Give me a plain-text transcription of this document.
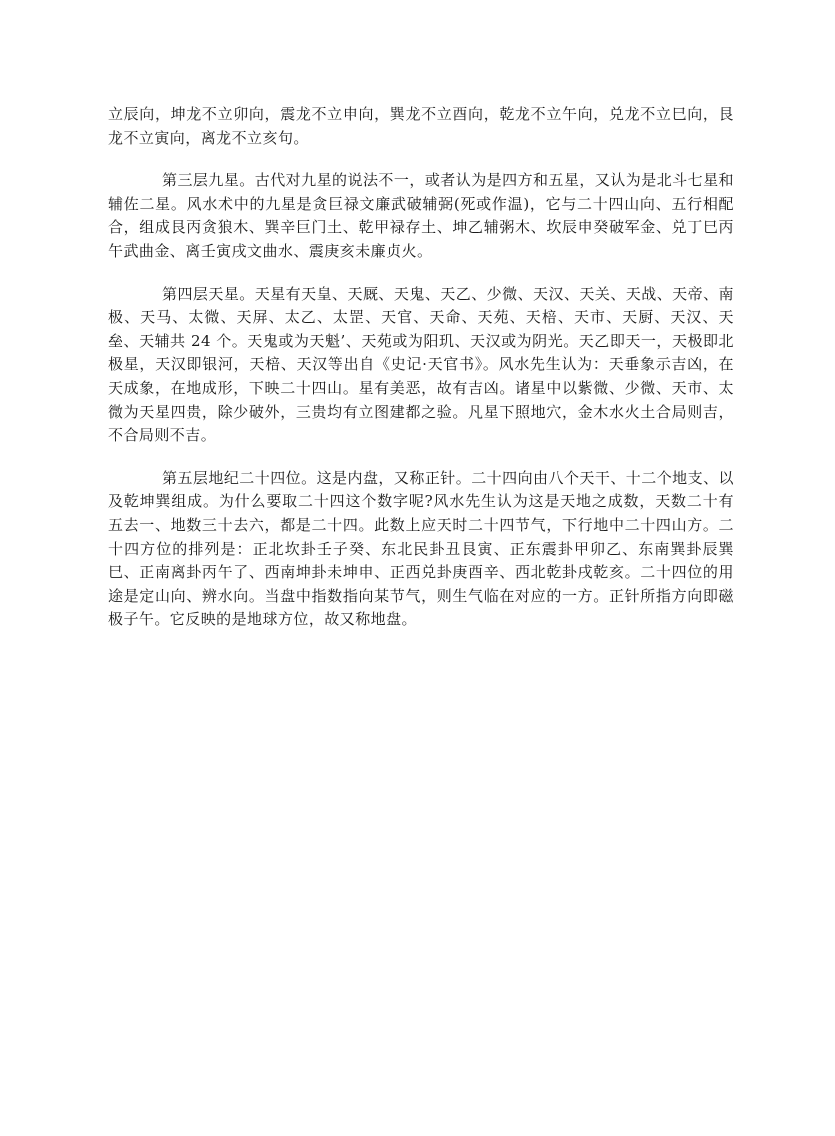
立辰向，坤龙不立卯向，震龙不立申向，巽龙不立酉向，乾龙不立午向，兑龙不立巳向，艮龙不立寅向，离龙不立亥句。

第三层九星。古代对九星的说法不一，或者认为是四方和五星，又认为是北斗七星和辅佐二星。风水术中的九星是贪巨禄文廉武破辅弼(死或作温)，它与二十四山向、五行相配合，组成艮丙贪狼木、巽辛巨门土、乾甲禄存土、坤乙辅粥木、坎辰申癸破军金、兑丁巳丙午武曲金、离壬寅戌文曲水、震庚亥未廉贞火。

第四层天星。天星有天皇、天厩、天鬼、天乙、少微、天汉、天关、天战、天帝、南极、天马、太微、天屏、太乙、太罡、天官、天命、天苑、天棓、天市、天厨、天汉、天垒、天辅共 24 个。天鬼或为天魁’、天苑或为阳玑、天汉或为阴光。天乙即天一，天极即北极星，天汉即银河，天棓、天汉等出自《史记·天官书》。风水先生认为：天垂象示吉凶，在天成象，在地成形，下映二十四山。星有美恶，故有吉凶。诸星中以紫微、少微、天市、太微为天星四贵，除少破外，三贵均有立图建都之验。凡星下照地穴，金木水火土合局则吉，不合局则不吉。

第五层地纪二十四位。这是内盘，又称正针。二十四向由八个天干、十二个地支、以及乾坤巽组成。为什么要取二十四这个数字呢?风水先生认为这是天地之成数，天数二十有五去一、地数三十去六，都是二十四。此数上应天时二十四节气，下行地中二十四山方。二十四方位的排列是：正北坎卦壬子癸、东北民卦丑艮寅、正东震卦甲卯乙、东南巽卦辰巽巳、正南离卦丙午了、西南坤卦未坤申、正西兑卦庚酉辛、西北乾卦戌乾亥。二十四位的用途是定山向、辨水向。当盘中指数指向某节气，则生气临在对应的一方。正针所指方向即磁极子午。它反映的是地球方位，故又称地盘。
